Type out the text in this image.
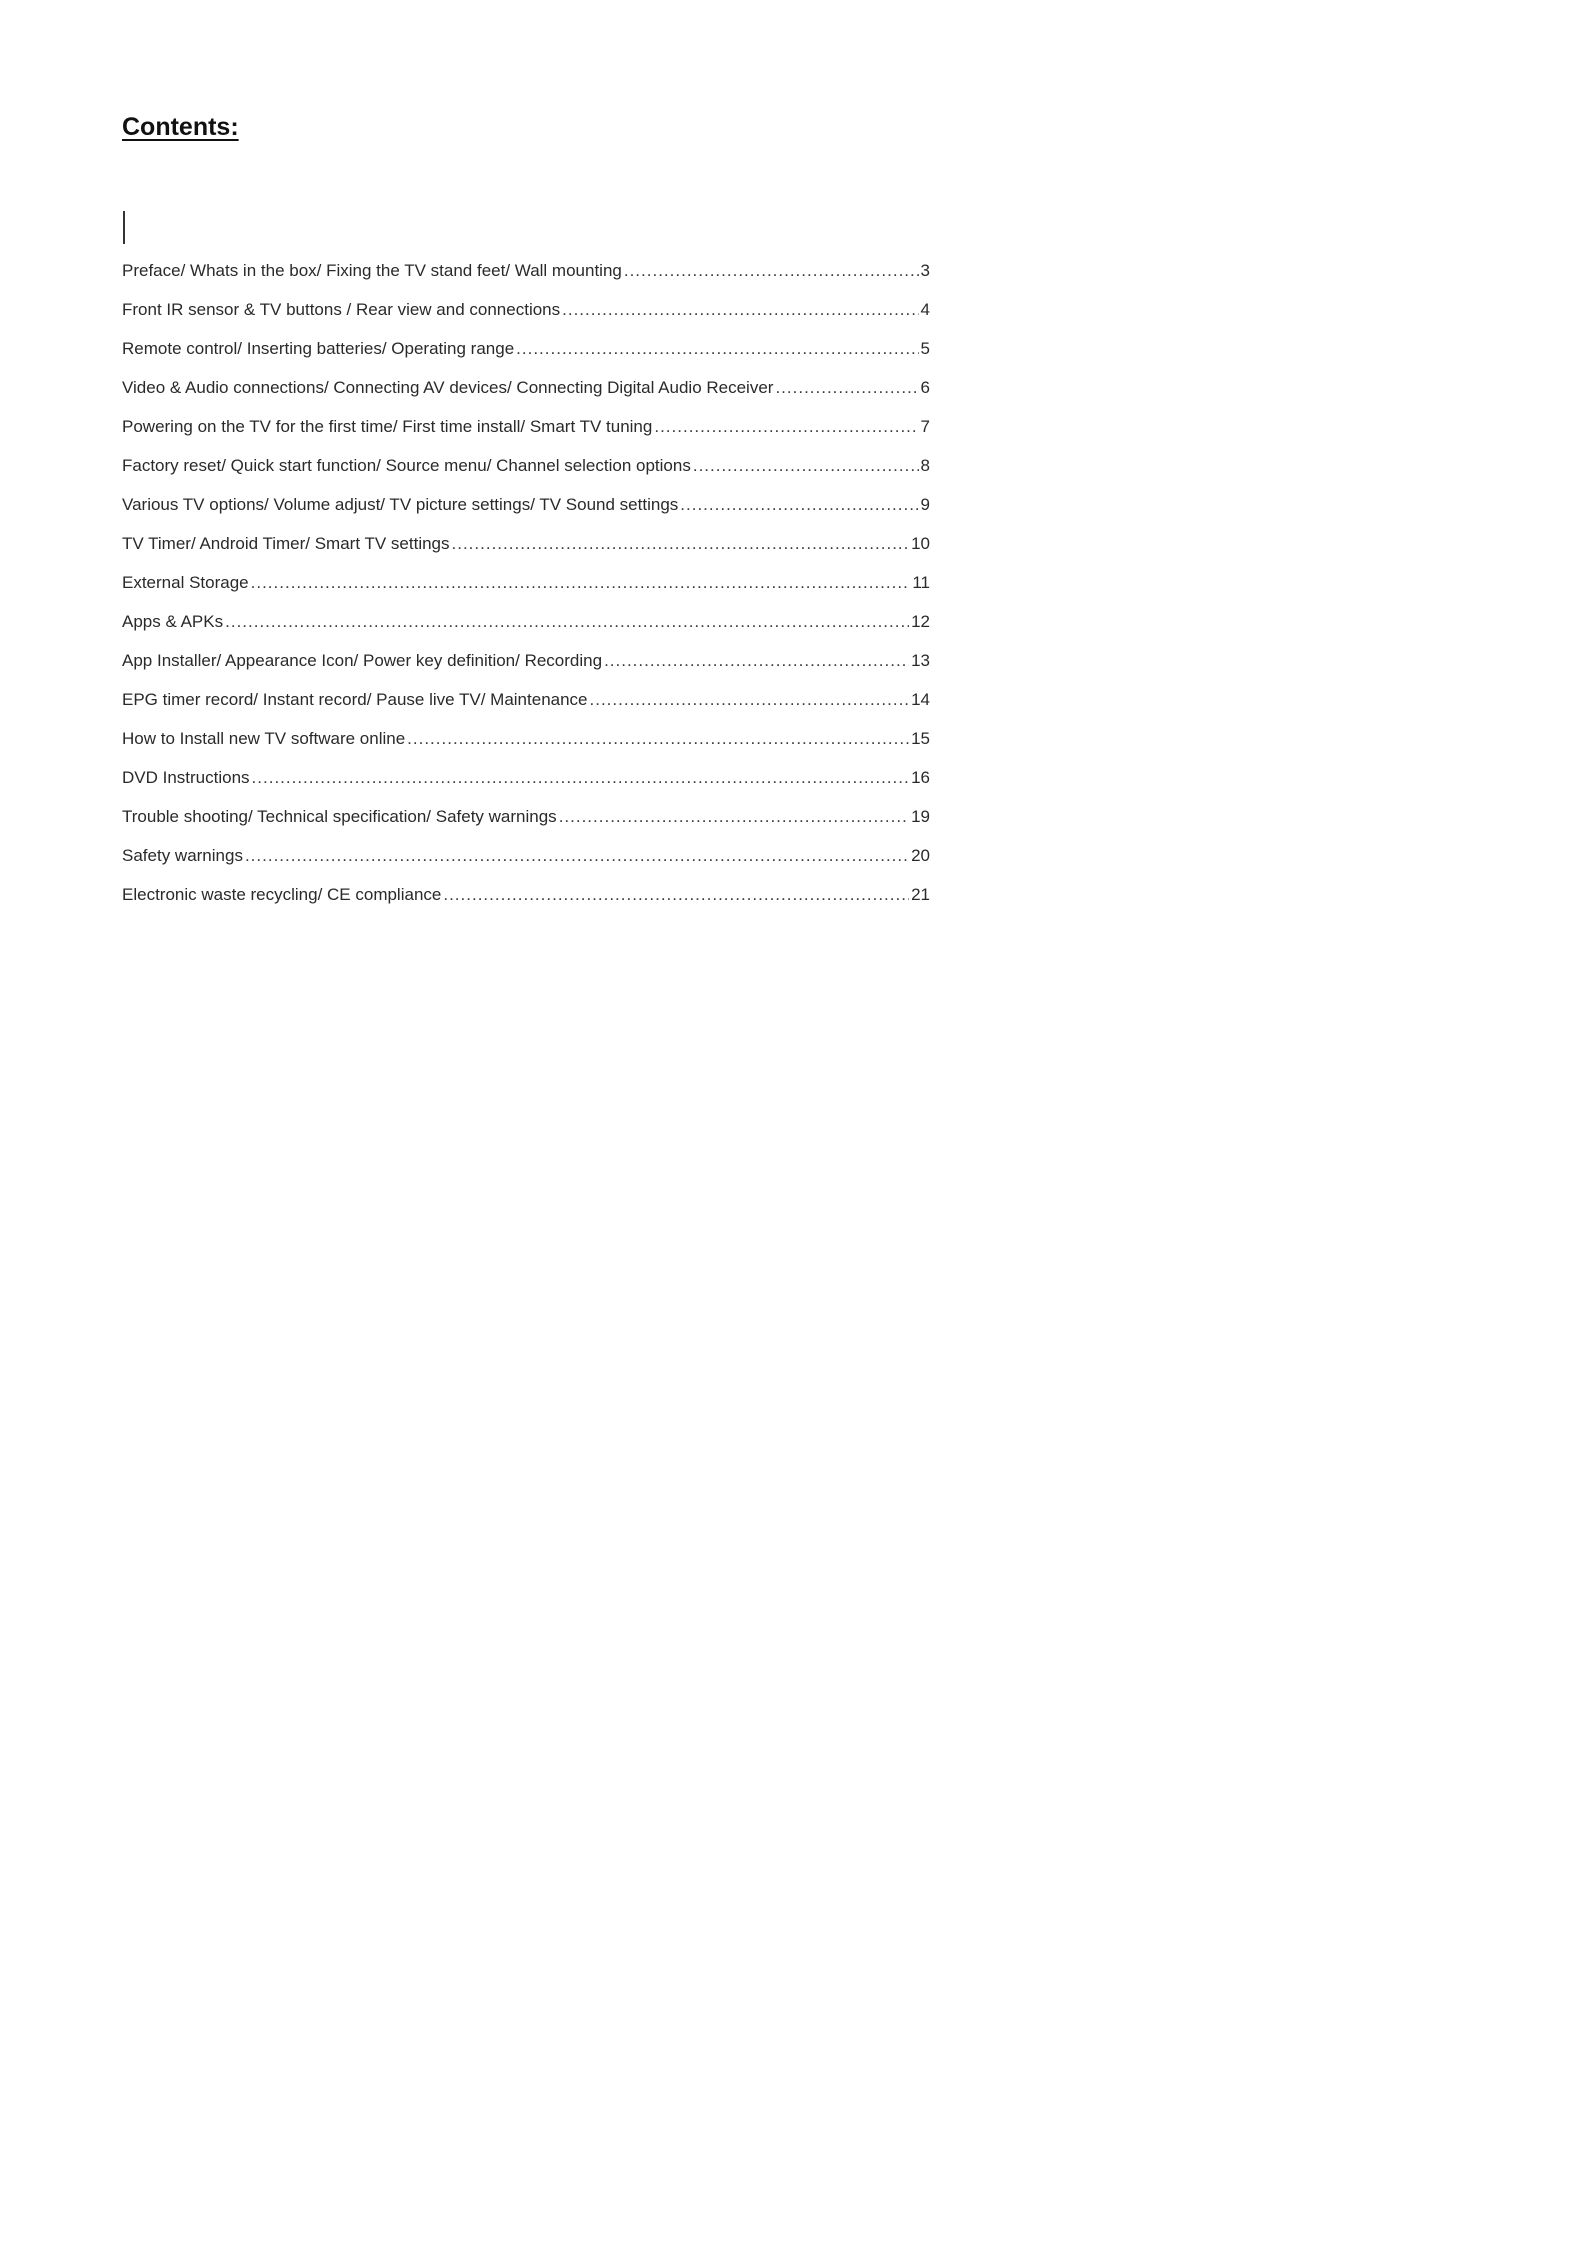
Contents:
Preface/ Whats in the box/ Fixing the TV stand feet/ Wall mounting .....	3
Front IR sensor & TV buttons / Rear view and connections .....	4
Remote control/ Inserting batteries/ Operating range .....	5
Video & Audio connections/ Connecting AV devices/ Connecting Digital Audio Receiver .....	6
Powering on the TV for the first time/ First time install/ Smart TV tuning .....	7
Factory reset/ Quick start function/ Source menu/ Channel selection options .....	8
Various TV options/ Volume adjust/ TV picture settings/ TV Sound settings .....	9
TV Timer/ Android Timer/ Smart TV settings .....	10
External Storage .....	11
Apps & APKs .....	12
App Installer/ Appearance Icon/ Power key definition/ Recording .....	13
EPG timer record/ Instant record/ Pause live TV/ Maintenance .....	14
How to Install new TV software online .....	15
DVD Instructions .....	16
Trouble shooting/ Technical specification/ Safety warnings .....	19
Safety warnings .....	20
Electronic waste recycling/ CE compliance .....	21
